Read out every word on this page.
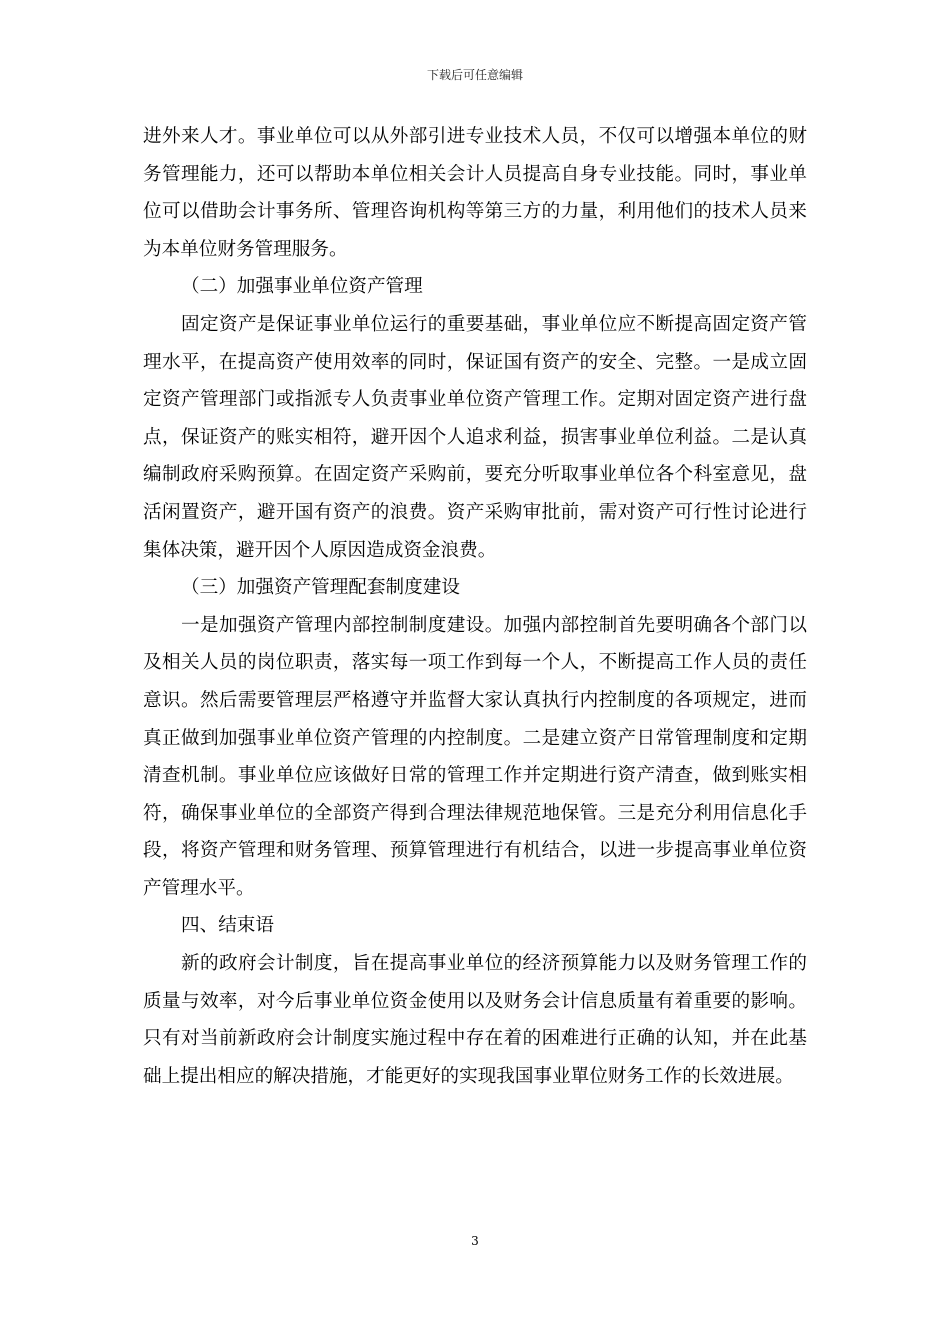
下载后可任意编辑

进外来人才。事业单位可以从外部引进专业技术人员，不仅可以增强本单位的财务管理能力，还可以帮助本单位相关会计人员提高自身专业技能。同时，事业单位可以借助会计事务所、管理咨询机构等第三方的力量，利用他们的技术人员来为本单位财务管理服务。

（二）加强事业单位资产管理

固定资产是保证事业单位运行的重要基础，事业单位应不断提高固定资产管理水平，在提高资产使用效率的同时，保证国有资产的安全、完整。一是成立固定资产管理部门或指派专人负责事业单位资产管理工作。定期对固定资产进行盘点，保证资产的账实相符，避开因个人追求利益，损害事业单位利益。二是认真编制政府采购预算。在固定资产采购前，要充分听取事业单位各个科室意见，盘活闲置资产，避开国有资产的浪费。资产采购审批前，需对资产可行性讨论进行集体决策，避开因个人原因造成资金浪费。

（三）加强资产管理配套制度建设

一是加强资产管理内部控制制度建设。加强内部控制首先要明确各个部门以及相关人员的岗位职责，落实每一项工作到每一个人，不断提高工作人员的责任意识。然后需要管理层严格遵守并监督大家认真执行内控制度的各项规定，进而真正做到加强事业单位资产管理的内控制度。二是建立资产日常管理制度和定期清查机制。事业单位应该做好日常的管理工作并定期进行资产清查，做到账实相符，确保事业单位的全部资产得到合理法律规范地保管。三是充分利用信息化手段，将资产管理和财务管理、预算管理进行有机结合，以进一步提高事业单位资产管理水平。

四、结束语

新的政府会计制度，旨在提高事业单位的经济预算能力以及财务管理工作的质量与效率，对今后事业单位资金使用以及财务会计信息质量有着重要的影响。只有对当前新政府会计制度实施过程中存在着的困难进行正确的认知，并在此基础上提出相应的解决措施，才能更好的实现我国事业單位财务工作的长效进展。

3
